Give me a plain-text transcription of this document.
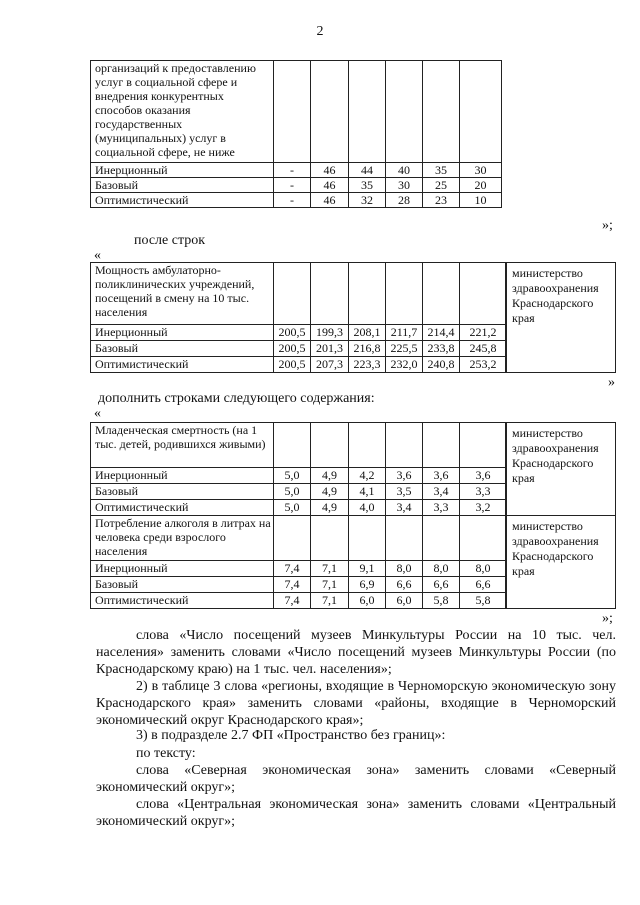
2
организаций к предоставлению услуг в социальной сфере и внедрения конкурентных способов оказания государственных (муниципальных) услуг в социальной сфере, не ниже						
Инерционный	-	46	44	40	35	30
Базовый	-	46	35	30	25	20
Оптимистический	-	46	32	28	23	10
»;
после строк
«
Мощность амбулаторно-поликлинических учреждений, посещений в смену на 10 тыс. населения						
Инерционный	200,5	199,3	208,1	211,7	214,4	221,2
Базовый	200,5	201,3	216,8	225,5	233,8	245,8
Оптимистический	200,5	207,3	223,3	232,0	240,8	253,2
министерство здравоохранения Краснодарского края
»
дополнить строками следующего содержания:
«
Младенческая смертность (на 1 тыс. детей, родившихся живыми)						
Инерционный	5,0	4,9	4,2	3,6	3,6	3,6
Базовый	5,0	4,9	4,1	3,5	3,4	3,3
Оптимистический	5,0	4,9	4,0	3,4	3,3	3,2
Потребление алкоголя в литрах на человека среди взрослого населения						
Инерционный	7,4	7,1	9,1	8,0	8,0	8,0
Базовый	7,4	7,1	6,9	6,6	6,6	6,6
Оптимистический	7,4	7,1	6,0	6,0	5,8	5,8
министерство здравоохранения Краснодарского края
министерство здравоохранения Краснодарского края
»;
слова «Число посещений музеев Минкультуры России на 10 тыс. чел. населения» заменить словами «Число посещений музеев Минкультуры России (по Краснодарскому краю) на 1 тыс. чел. населения»;
2) в таблице 3 слова «регионы, входящие в Черноморскую экономическую зону Краснодарского края» заменить словами «районы, входящие в Черноморский экономический округ Краснодарского края»;
3) в подразделе 2.7 ФП «Пространство без границ»:
по тексту:
слова «Северная экономическая зона» заменить словами «Северный экономический округ»;
слова «Центральная экономическая зона» заменить словами «Центральный экономический округ»;
